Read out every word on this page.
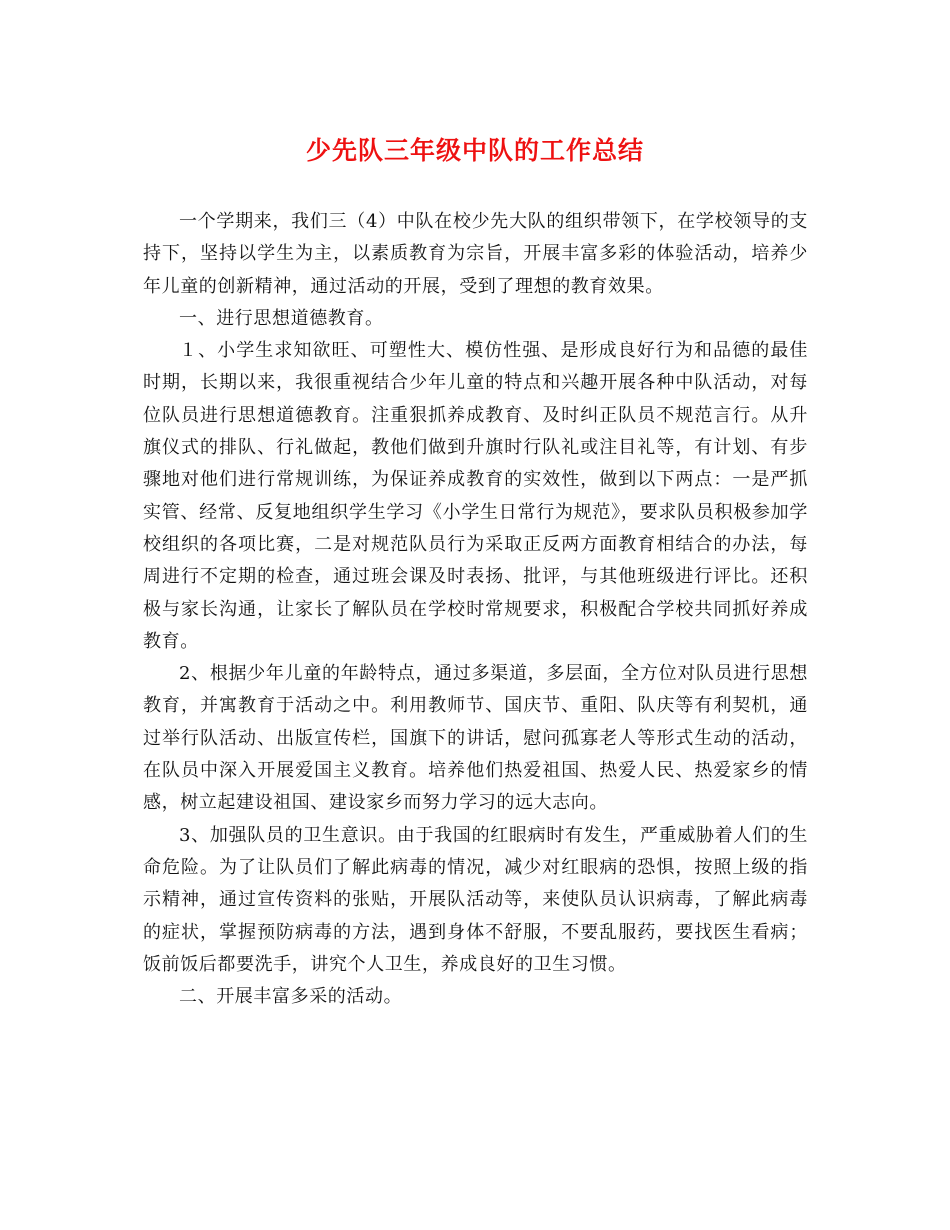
少先队三年级中队的工作总结

一个学期来，我们三（4）中队在校少先大队的组织带领下，在学校领导的支持下，坚持以学生为主，以素质教育为宗旨，开展丰富多彩的体验活动，培养少年儿童的创新精神，通过活动的开展，受到了理想的教育效果。

一、进行思想道德教育。

１、小学生求知欲旺、可塑性大、模仿性强、是形成良好行为和品德的最佳时期，长期以来，我很重视结合少年儿童的特点和兴趣开展各种中队活动，对每位队员进行思想道德教育。注重狠抓养成教育、及时纠正队员不规范言行。从升旗仪式的排队、行礼做起，教他们做到升旗时行队礼或注目礼等，有计划、有步骤地对他们进行常规训练，为保证养成教育的实效性，做到以下两点：一是严抓实管、经常、反复地组织学生学习《小学生日常行为规范》，要求队员积极参加学校组织的各项比赛，二是对规范队员行为采取正反两方面教育相结合的办法，每周进行不定期的检查，通过班会课及时表扬、批评，与其他班级进行评比。还积极与家长沟通，让家长了解队员在学校时常规要求，积极配合学校共同抓好养成教育。

2、根据少年儿童的年龄特点，通过多渠道，多层面，全方位对队员进行思想教育，并寓教育于活动之中。利用教师节、国庆节、重阳、队庆等有利契机，通过举行队活动、出版宣传栏，国旗下的讲话，慰问孤寡老人等形式生动的活动，在队员中深入开展爱国主义教育。培养他们热爱祖国、热爱人民、热爱家乡的情感，树立起建设祖国、建设家乡而努力学习的远大志向。

3、加强队员的卫生意识。由于我国的红眼病时有发生，严重威胁着人们的生命危险。为了让队员们了解此病毒的情况，减少对红眼病的恐惧，按照上级的指示精神，通过宣传资料的张贴，开展队活动等，来使队员认识病毒，了解此病毒的症状，掌握预防病毒的方法，遇到身体不舒服，不要乱服药，要找医生看病；饭前饭后都要洗手，讲究个人卫生，养成良好的卫生习惯。

二、开展丰富多采的活动。
